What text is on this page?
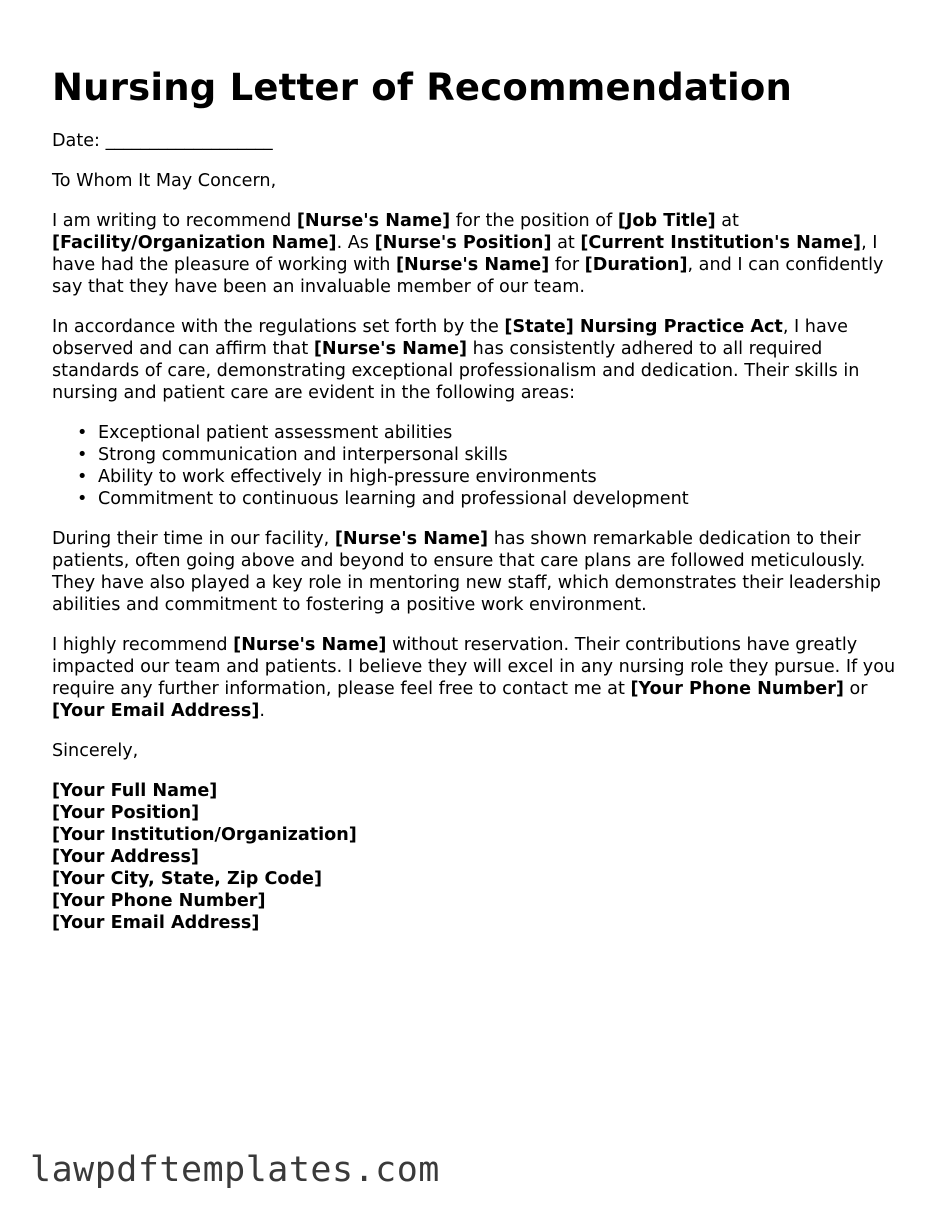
Nursing Letter of Recommendation

Date: ___________________

To Whom It May Concern,

I am writing to recommend [Nurse's Name] for the position of [Job Title] at [Facility/Organization Name]. As [Nurse's Position] at [Current Institution's Name], I have had the pleasure of working with [Nurse's Name] for [Duration], and I can confidently say that they have been an invaluable member of our team.

In accordance with the regulations set forth by the [State] Nursing Practice Act, I have observed and can affirm that [Nurse's Name] has consistently adhered to all required standards of care, demonstrating exceptional professionalism and dedication. Their skills in nursing and patient care are evident in the following areas:

• Exceptional patient assessment abilities
• Strong communication and interpersonal skills
• Ability to work effectively in high-pressure environments
• Commitment to continuous learning and professional development

During their time in our facility, [Nurse's Name] has shown remarkable dedication to their patients, often going above and beyond to ensure that care plans are followed meticulously. They have also played a key role in mentoring new staff, which demonstrates their leadership abilities and commitment to fostering a positive work environment.

I highly recommend [Nurse's Name] without reservation. Their contributions have greatly impacted our team and patients. I believe they will excel in any nursing role they pursue. If you require any further information, please feel free to contact me at [Your Phone Number] or [Your Email Address].

Sincerely,

[Your Full Name]
[Your Position]
[Your Institution/Organization]
[Your Address]
[Your City, State, Zip Code]
[Your Phone Number]
[Your Email Address]
lawpdftemplates.com
